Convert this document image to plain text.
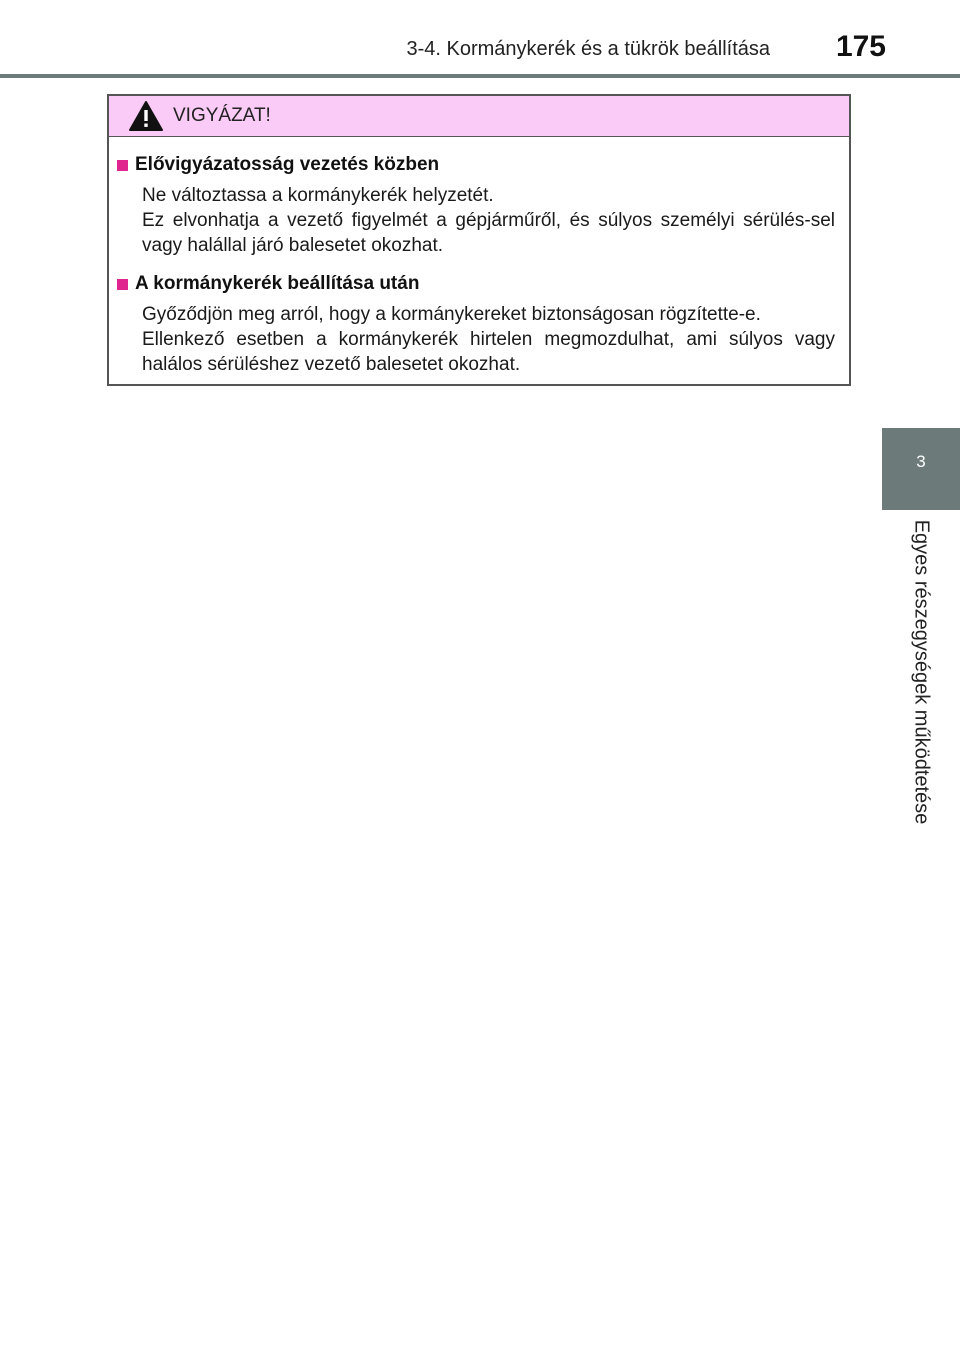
3-4. Kormánykerék és a tükrök beállítása 175
3
Egyes részegységek működtetése
VIGYÁZAT!
Elővigyázatosság vezetés közben

Ne változtassa a kormánykerék helyzetét.

Ez elvonhatja a vezető figyelmét a gépjárműről, és súlyos személyi sérülés-sel vagy halállal járó balesetet okozhat.

A kormánykerék beállítása után

Győződjön meg arról, hogy a kormánykereket biztonságosan rögzítette-e.

Ellenkező esetben a kormánykerék hirtelen megmozdulhat, ami súlyos vagy halálos sérüléshez vezető balesetet okozhat.
